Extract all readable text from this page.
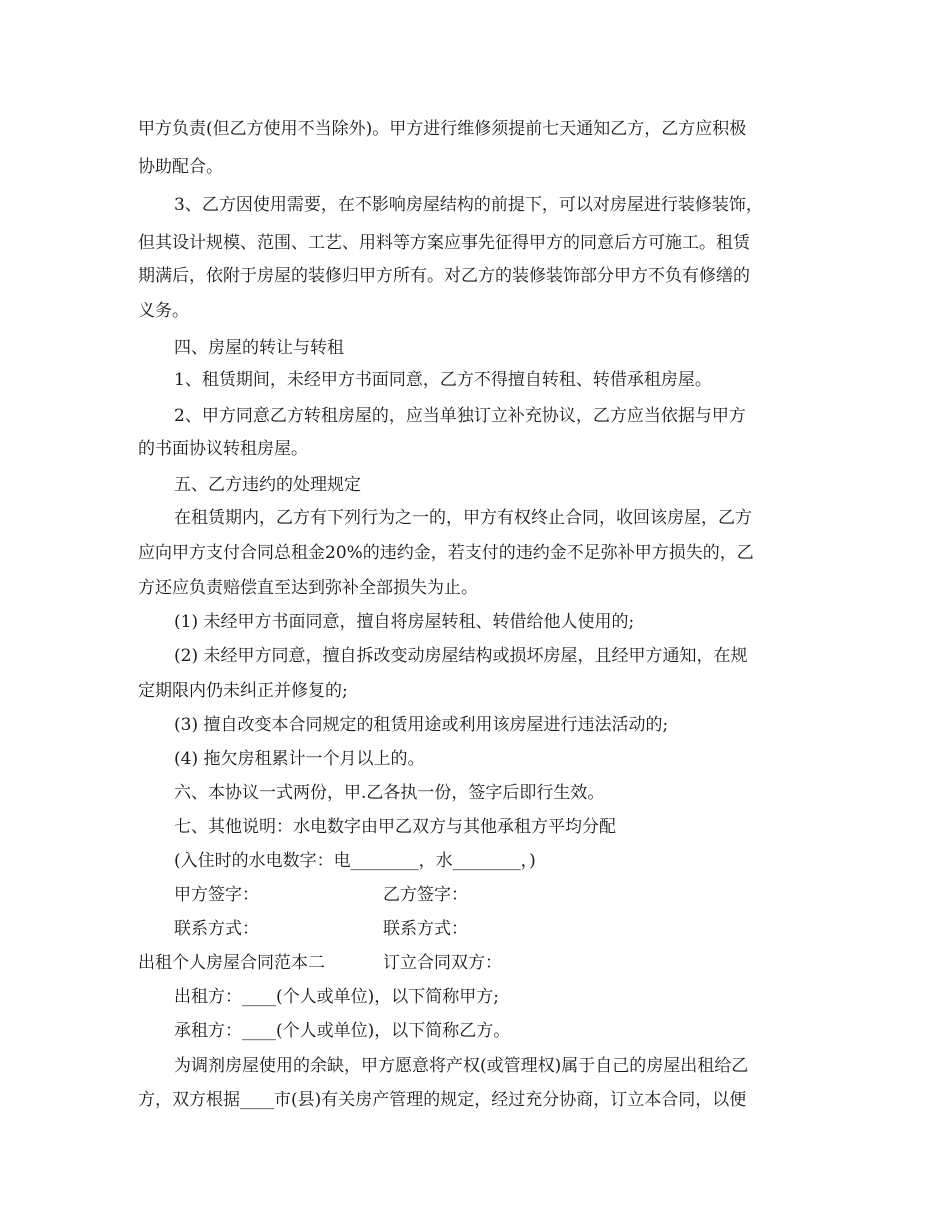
甲方负责(但乙方使用不当除外)。甲方进行维修须提前七天通知乙方，乙方应积极
协助配合。
3、乙方因使用需要，在不影响房屋结构的前提下，可以对房屋进行装修装饰，
但其设计规模、范围、工艺、用料等方案应事先征得甲方的同意后方可施工。租赁
期满后，依附于房屋的装修归甲方所有。对乙方的装修装饰部分甲方不负有修缮的
义务。
四、房屋的转让与转租
1、租赁期间，未经甲方书面同意，乙方不得擅自转租、转借承租房屋。
2、甲方同意乙方转租房屋的，应当单独订立补充协议，乙方应当依据与甲方
的书面协议转租房屋。
五、乙方违约的处理规定
在租赁期内，乙方有下列行为之一的，甲方有权终止合同，收回该房屋，乙方
应向甲方支付合同总租金20%的违约金，若支付的违约金不足弥补甲方损失的，乙
方还应负责赔偿直至达到弥补全部损失为止。
(1) 未经甲方书面同意，擅自将房屋转租、转借给他人使用的;
(2) 未经甲方同意，擅自拆改变动房屋结构或损坏房屋，且经甲方通知，在规
定期限内仍未纠正并修复的;
(3) 擅自改变本合同规定的租赁用途或利用该房屋进行违法活动的;
(4) 拖欠房租累计一个月以上的。
六、本协议一式两份，甲.乙各执一份，签字后即行生效。
七、其他说明：水电数字由甲乙双方与其他承租方平均分配
(入住时的水电数字：电________，水________，)
甲方签字：	乙方签字：
联系方式：	联系方式：
出租个人房屋合同范本二	订立合同双方：
出租方：____(个人或单位)，以下简称甲方;
承租方：____(个人或单位)，以下简称乙方。
为调剂房屋使用的余缺，甲方愿意将产权(或管理权)属于自己的房屋出租给乙
方，双方根据____市(县)有关房产管理的规定，经过充分协商，订立本合同，以便
